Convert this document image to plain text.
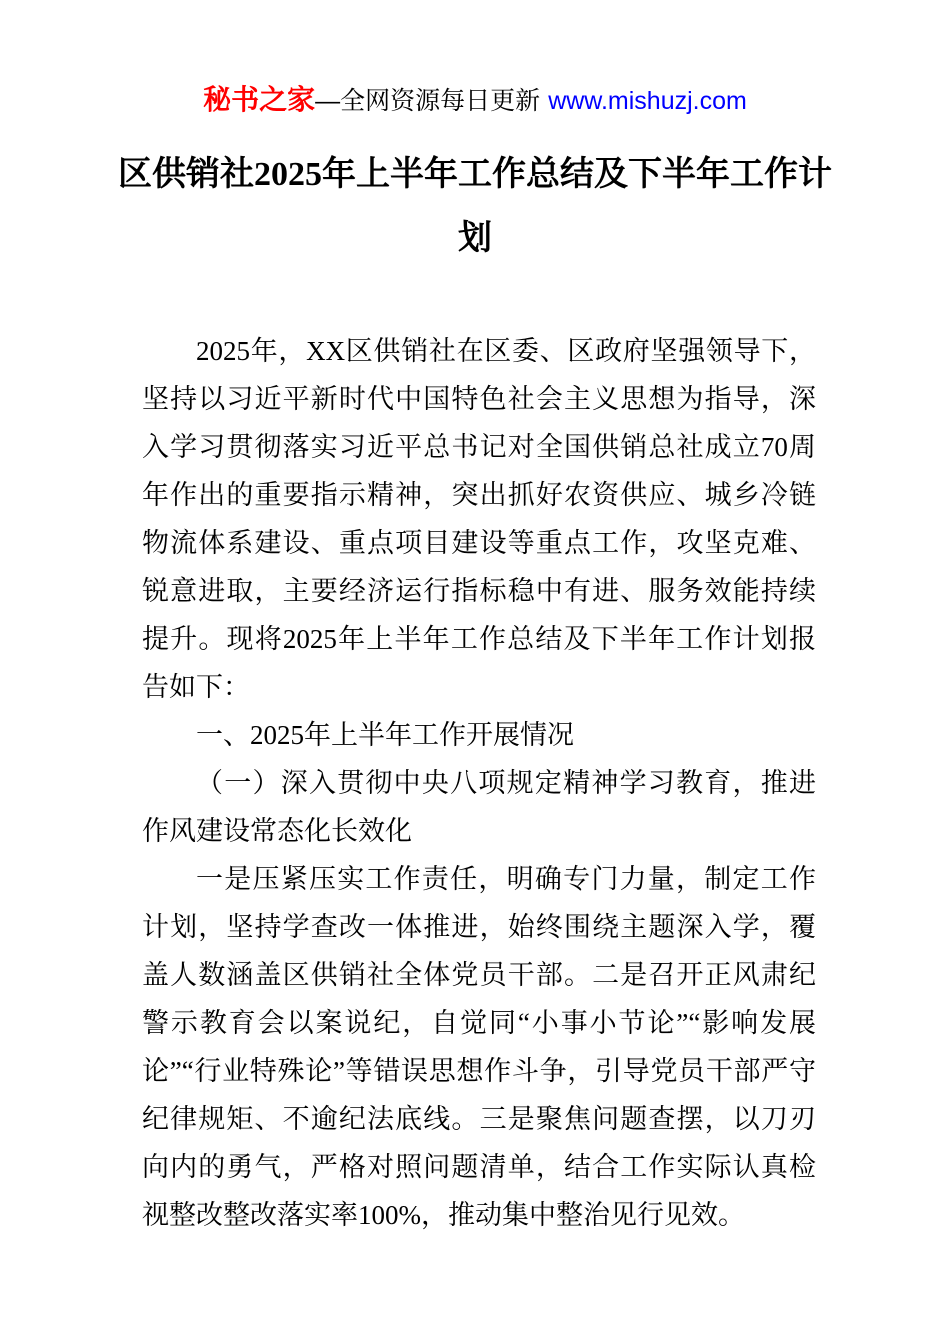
秘书之家—全网资源每日更新 www.mishuzj.com
区供销社2025年上半年工作总结及下半年工作计划
2025年，XX区供销社在区委、区政府坚强领导下，坚持以习近平新时代中国特色社会主义思想为指导，深入学习贯彻落实习近平总书记对全国供销总社成立70周年作出的重要指示精神，突出抓好农资供应、城乡冷链物流体系建设、重点项目建设等重点工作，攻坚克难、锐意进取，主要经济运行指标稳中有进、服务效能持续提升。现将2025年上半年工作总结及下半年工作计划报告如下：
一、2025年上半年工作开展情况
（一）深入贯彻中央八项规定精神学习教育，推进作风建设常态化长效化
一是压紧压实工作责任，明确专门力量，制定工作计划，坚持学查改一体推进，始终围绕主题深入学，覆盖人数涵盖区供销社全体党员干部。二是召开正风肃纪警示教育会以案说纪，自觉同“小事小节论”“影响发展论”“行业特殊论”等错误思想作斗争，引导党员干部严守纪律规矩、不逾纪法底线。三是聚焦问题查摆，以刀刃向内的勇气，严格对照问题清单，结合工作实际认真检视整改整改落实率100%，推动集中整治见行见效。
